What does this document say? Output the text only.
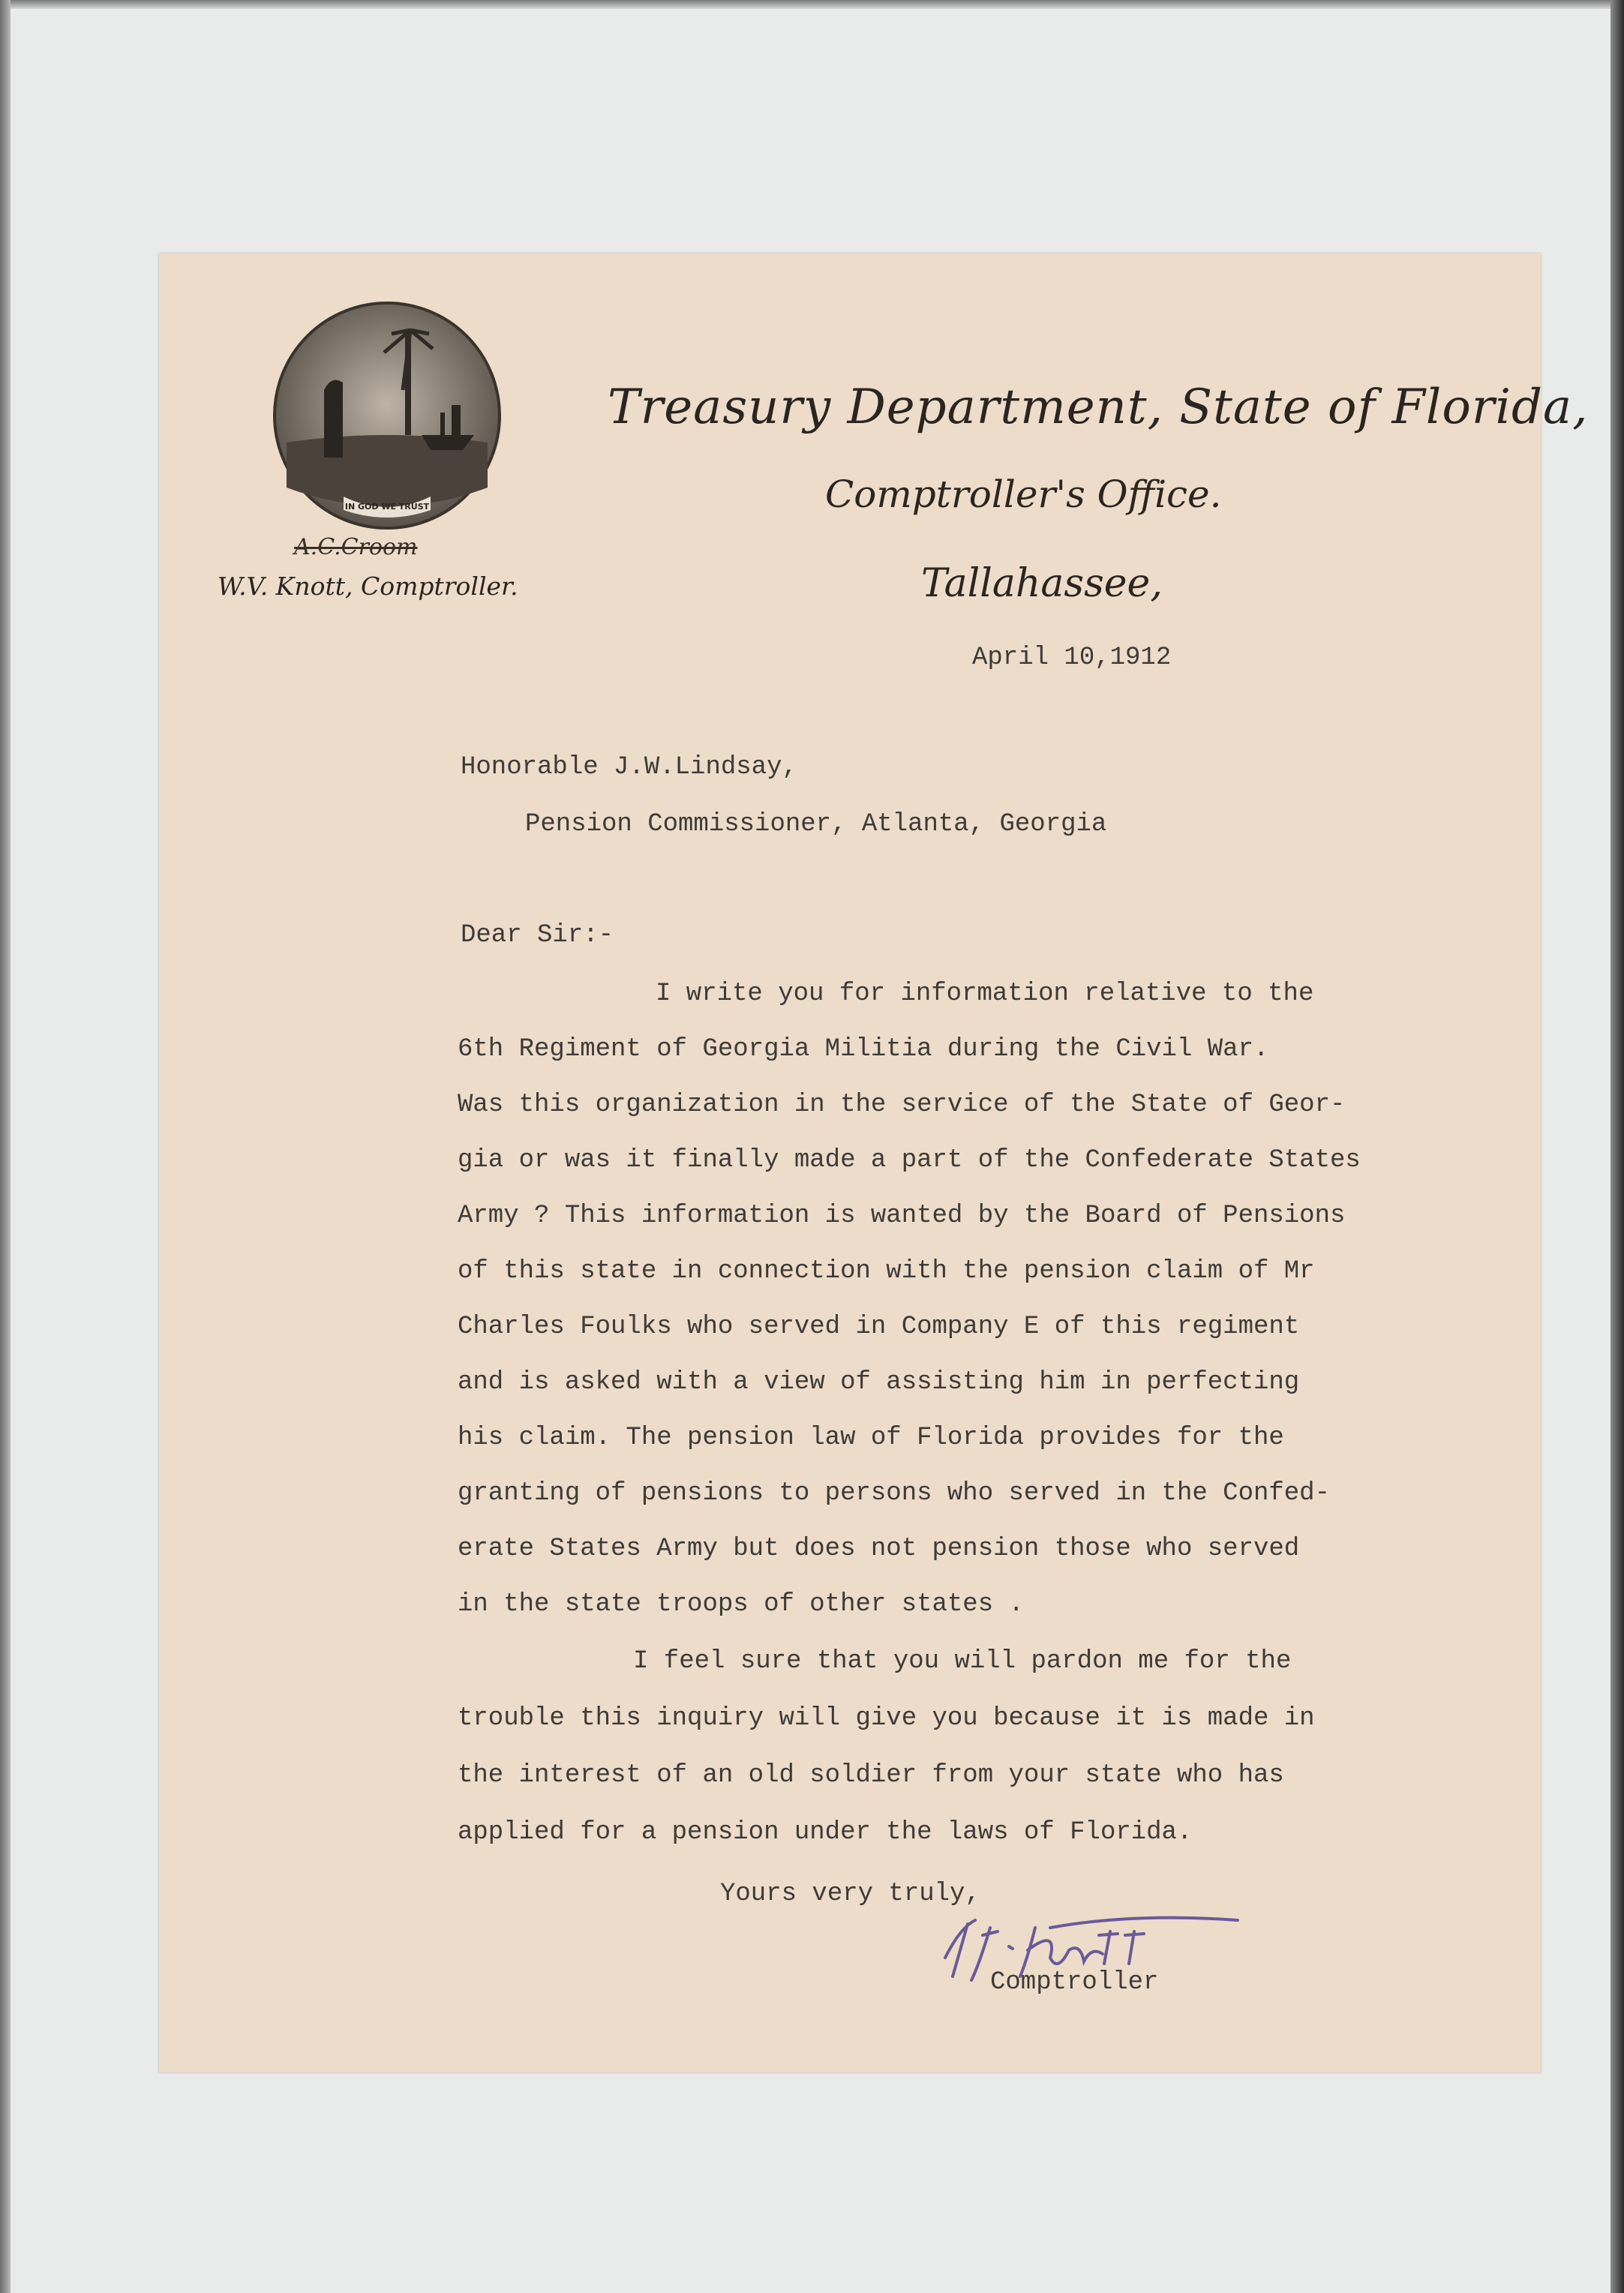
IN GOD WE TRUST
Treasury Department, State of Florida,
Comptroller's Office.
Tallahassee,
A.C.Croom
W.V. Knott, Comptroller.
April 10,1912
Honorable J.W.Lindsay,
Pension Commissioner, Atlanta, Georgia
Dear Sir:-
I write you for information relative to the
6th Regiment of Georgia Militia during the Civil War.
Was this organization in the service of the State of Geor-
gia or was it finally made a part of the Confederate States
Army ? This information is wanted by the Board of Pensions
of this state in connection with the pension claim of Mr
Charles Foulks who served in Company E of this regiment
and is asked with a view of assisting him in perfecting
his claim. The pension law of Florida provides for the
granting of pensions to persons who served in the Confed-
erate States Army but does not pension those who served
in the state troops of other states .
I feel sure that you will pardon me for the
trouble this inquiry will give you because it is made in
the interest of an old soldier from your state who has
applied for a pension under the laws of Florida.
Yours very truly,
Comptroller
